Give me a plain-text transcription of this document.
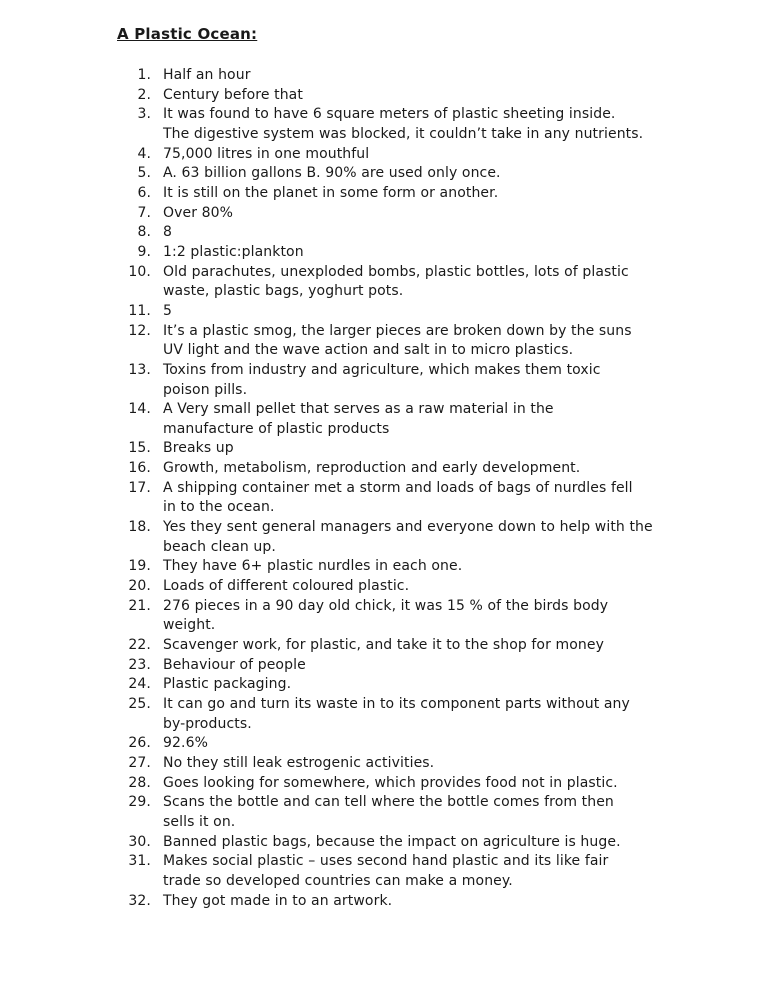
A Plastic Ocean:
1. Half an hour
2. Century before that
3. It was found to have 6 square meters of plastic sheeting inside.
The digestive system was blocked, it couldn’t take in any nutrients.
4. 75,000 litres in one mouthful
5. A. 63 billion gallons B. 90% are used only once.
6. It is still on the planet in some form or another.
7. Over 80%
8. 8
9. 1:2 plastic:plankton
10. Old parachutes, unexploded bombs, plastic bottles, lots of plastic
waste, plastic bags, yoghurt pots.
11. 5
12. It’s a plastic smog, the larger pieces are broken down by the suns
UV light and the wave action and salt in to micro plastics.
13. Toxins from industry and agriculture, which makes them toxic
poison pills.
14. A Very small pellet that serves as a raw material in the
manufacture of plastic products
15. Breaks up
16. Growth, metabolism, reproduction and early development.
17. A shipping container met a storm and loads of bags of nurdles fell
in to the ocean.
18. Yes they sent general managers and everyone down to help with the
beach clean up.
19. They have 6+ plastic nurdles in each one.
20. Loads of different coloured plastic.
21. 276 pieces in a 90 day old chick, it was 15 % of the birds body
weight.
22. Scavenger work, for plastic, and take it to the shop for money
23. Behaviour of people
24. Plastic packaging.
25. It can go and turn its waste in to its component parts without any
by-products.
26. 92.6%
27. No they still leak estrogenic activities.
28. Goes looking for somewhere, which provides food not in plastic.
29. Scans the bottle and can tell where the bottle comes from then
sells it on.
30. Banned plastic bags, because the impact on agriculture is huge.
31. Makes social plastic – uses second hand plastic and its like fair
trade so developed countries can make a money.
32. They got made in to an artwork.
